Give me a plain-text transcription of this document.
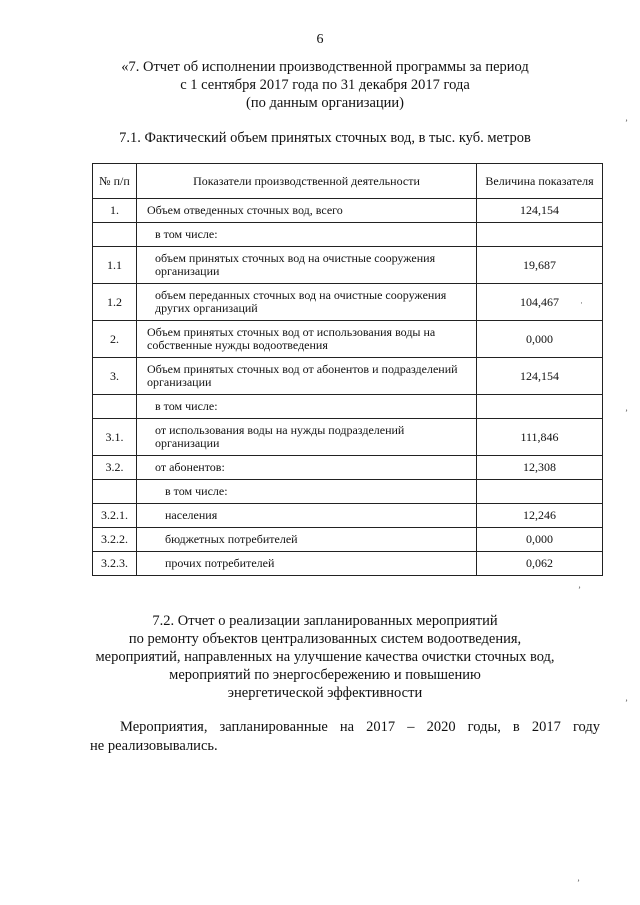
6
«7. Отчет об исполнении производственной программы за период
с 1 сентября 2017 года по 31 декабря 2017 года
(по данным организации)
7.1. Фактический объем принятых сточных вод, в тыс. куб. метров
№ п/п	Показатели производственной деятельности	Величина показателя
1.	Объем отведенных сточных вод, всего	124,154
	в том числе:	
1.1	объем принятых сточных вод на очистные сооружения организации	19,687
1.2	объем переданных сточных вод на очистные сооружения других организаций	104,467
2.	Объем принятых сточных вод от использования воды на собственные нужды водоотведения	0,000
3.	Объем принятых сточных вод от абонентов и подразделений организации	124,154
	в том числе:	
3.1.	от использования воды на нужды подразделений организации	111,846
3.2.	от абонентов:	12,308
	в том числе:	
3.2.1.	населения	12,246
3.2.2.	бюджетных потребителей	0,000
3.2.3.	прочих потребителей	0,062
7.2. Отчет о реализации запланированных мероприятий
по ремонту объектов централизованных систем водоотведения,
мероприятий, направленных на улучшение качества очистки сточных вод,
мероприятий по энергосбережению и повышению
энергетической эффективности
Мероприятия, запланированные на 2017 – 2020 годы, в 2017 году
не реализовывались.
ʼ
ʼ
·
ʼ
ʼ
ʼ
